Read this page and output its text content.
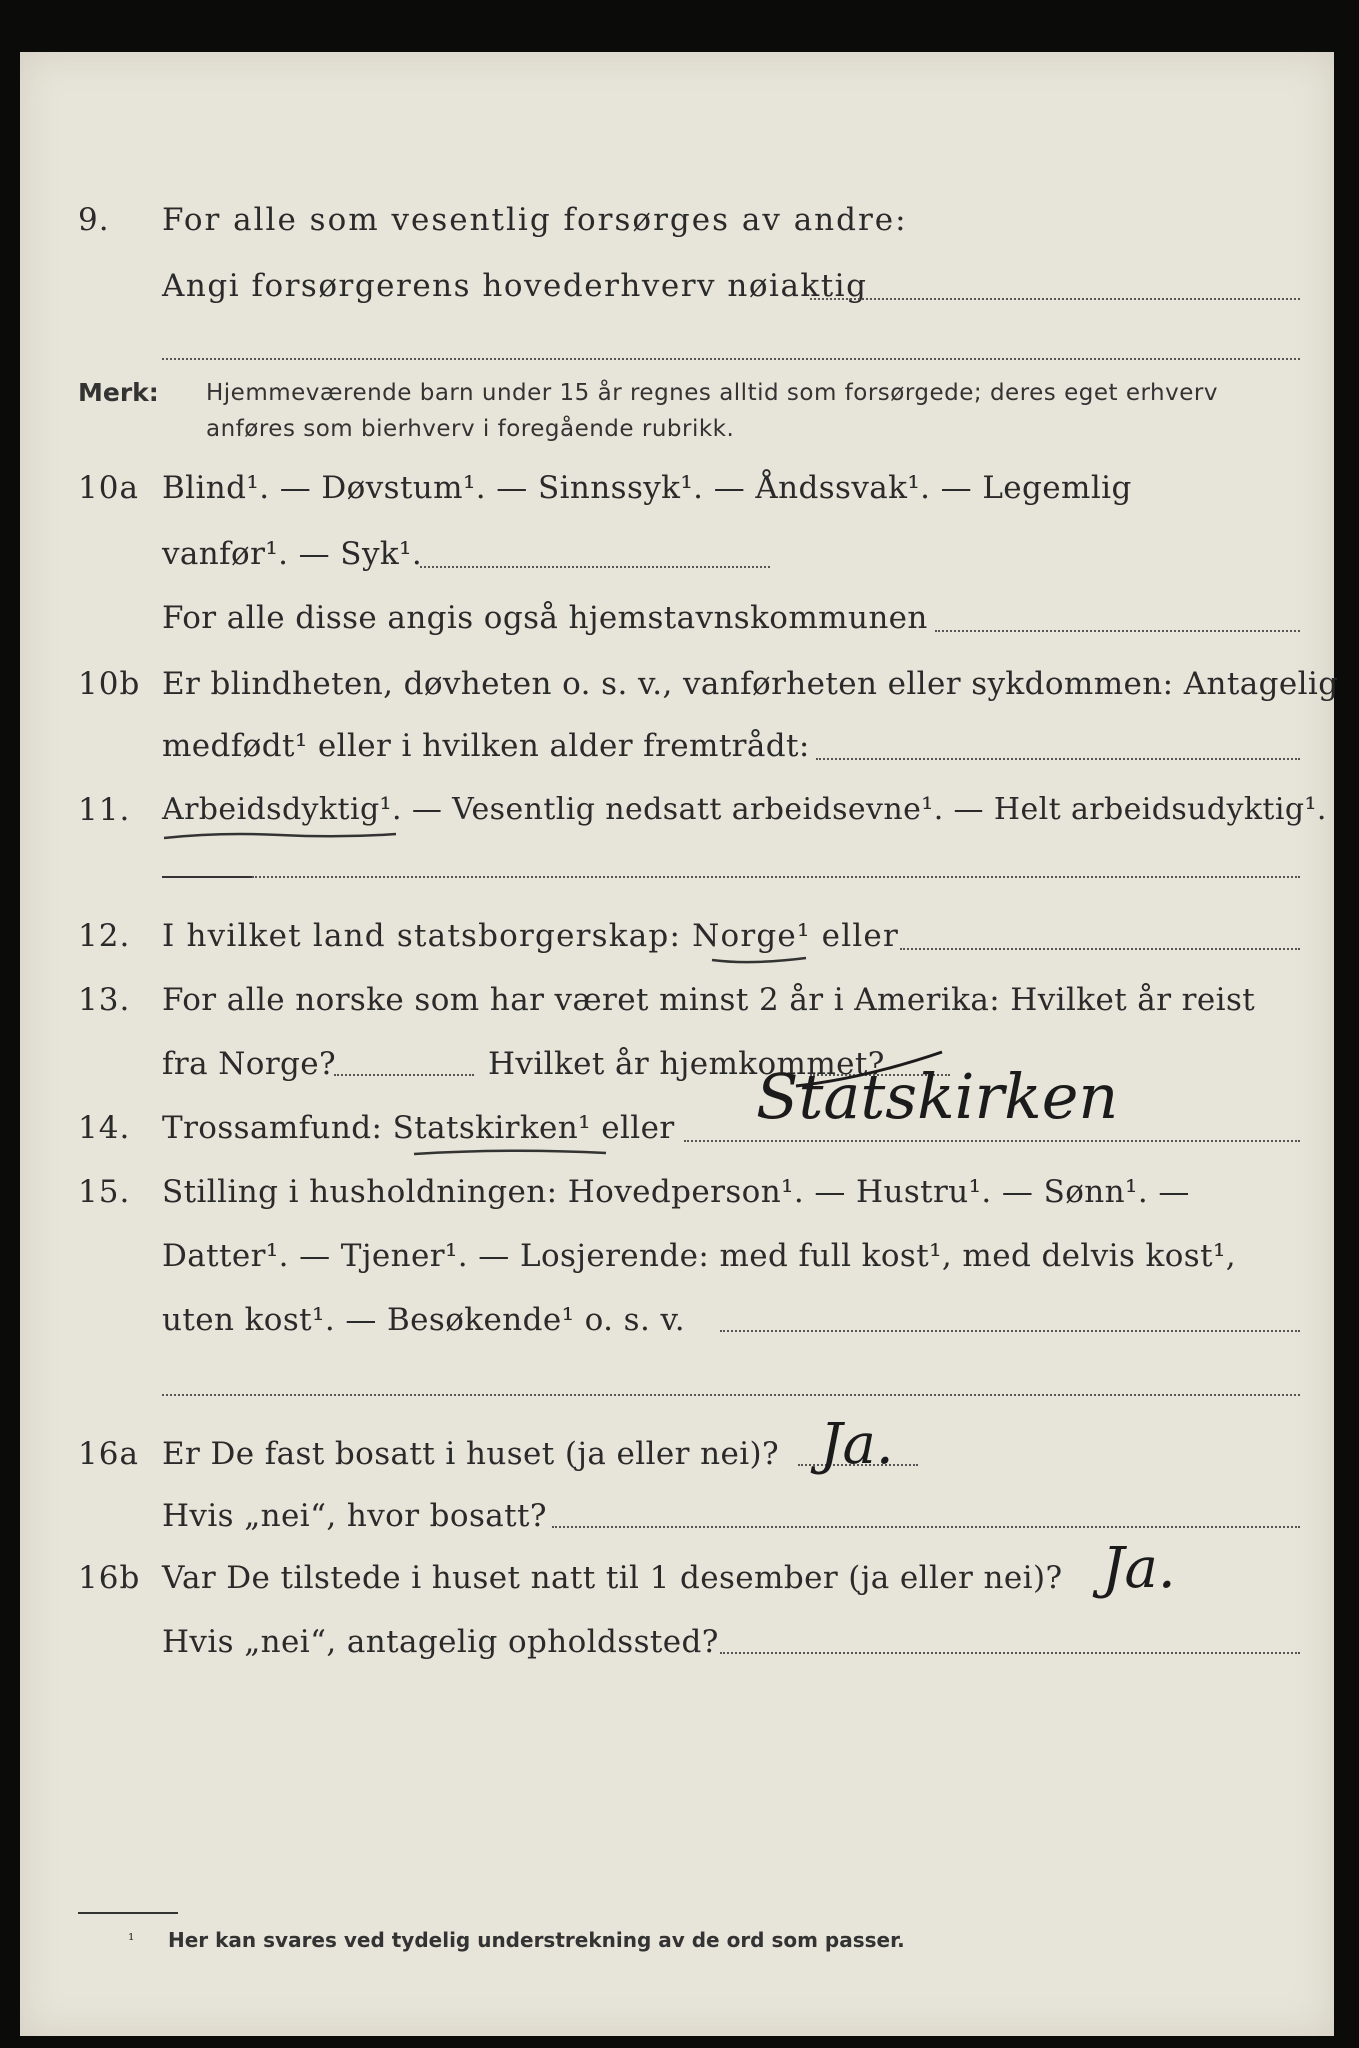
9. For alle som vesentlig forsørges av andre:
Angi forsørgerens hovederhverv nøiaktig
Merk: Hjemmeværende barn under 15 år regnes alltid som forsørgede; deres eget erhverv
anføres som bierhverv i foregående rubrikk.
10a Blind¹. — Døvstum¹. — Sinnssyk¹. — Åndssvak¹. — Legemlig
vanfør¹. — Syk¹.
For alle disse angis også hjemstavnskommunen
10b Er blindheten, døvheten o. s. v., vanførheten eller sykdommen: Antagelig
medfødt¹ eller i hvilken alder fremtrådt:
11. Arbeidsdyktig¹. — Vesentlig nedsatt arbeidsevne¹. — Helt arbeidsudyktig¹.
12. I hvilket land statsborgerskap: Norge¹ eller
13. For alle norske som har været minst 2 år i Amerika: Hvilket år reist
fra Norge?	Hvilket år hjemkommet?
14. Trossamfund: Statskirken¹ eller Statskirken
15. Stilling i husholdningen: Hovedperson¹. — Hustru¹. — Sønn¹. —
Datter¹. — Tjener¹. — Losjerende: med full kost¹, med delvis kost¹,
uten kost¹. — Besøkende¹ o. s. v.
16a Er De fast bosatt i huset (ja eller nei)? Ja.
Hvis „nei“, hvor bosatt?
16b Var De tilstede i huset natt til 1 desember (ja eller nei)? Ja.
Hvis „nei“, antagelig opholdssted?
¹ Her kan svares ved tydelig understrekning av de ord som passer.
